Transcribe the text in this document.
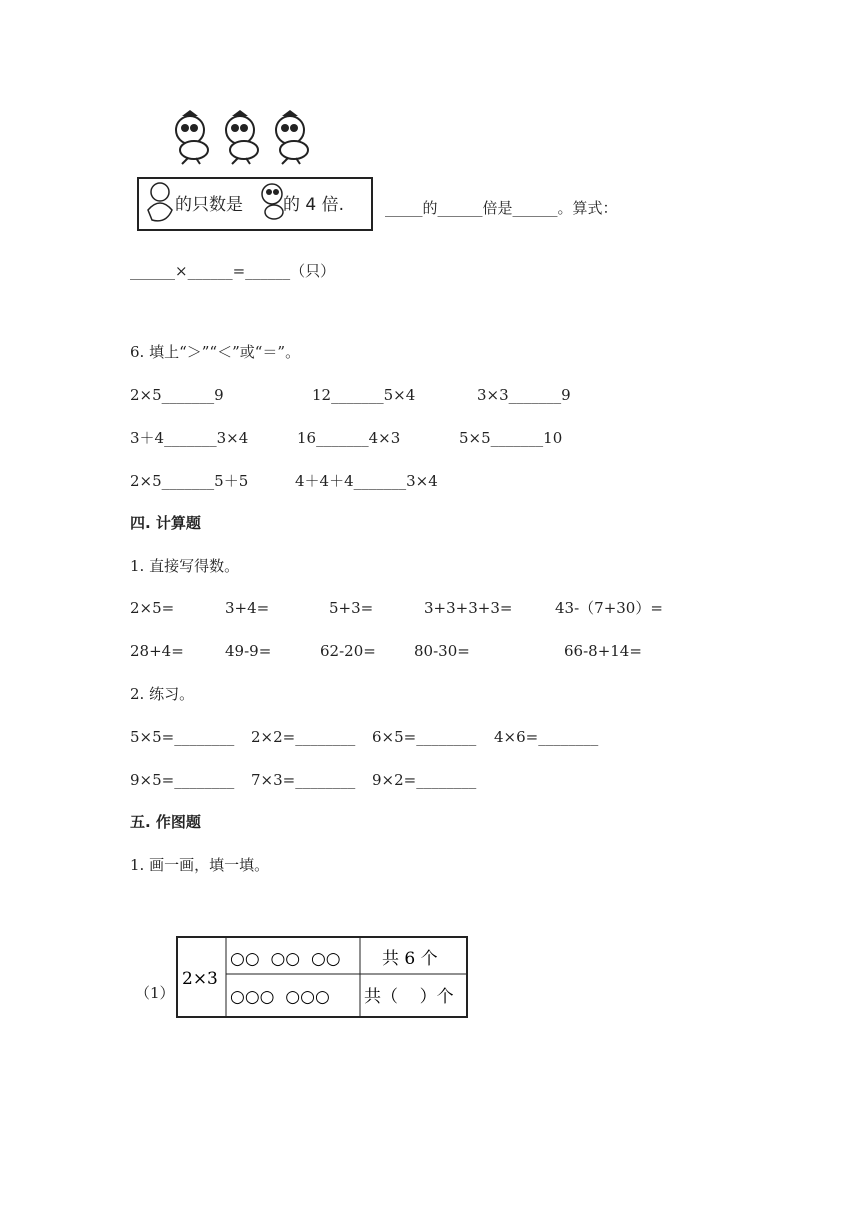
的只数是 的 4 倍.	_____的______倍是______。算式：
______×______=______（只）
6. 填上“＞”“＜”或“＝”。
2×5_______9	12_______5×4	3×3_______9
3＋4_______3×4	16_______4×3	5×5_______10
2×5_______5＋5	4＋4＋4_______3×4
四. 计算题
1. 直接写得数。
2×5=	3+4=	5+3=	3+3+3+3=	43-（7+30）=
28+4=	49-9=	62-20=	80-30=	66-8+14=
2. 练习。
5×5=________ 2×2=________ 6×5=________ 4×6=________
9×5=________ 7×3=________ 9×2=________
五. 作图题
1. 画一画，填一填。
（1）
2×3
○○  ○○  ○○ 共 6 个
○○○  ○○○ 共（    ）个
